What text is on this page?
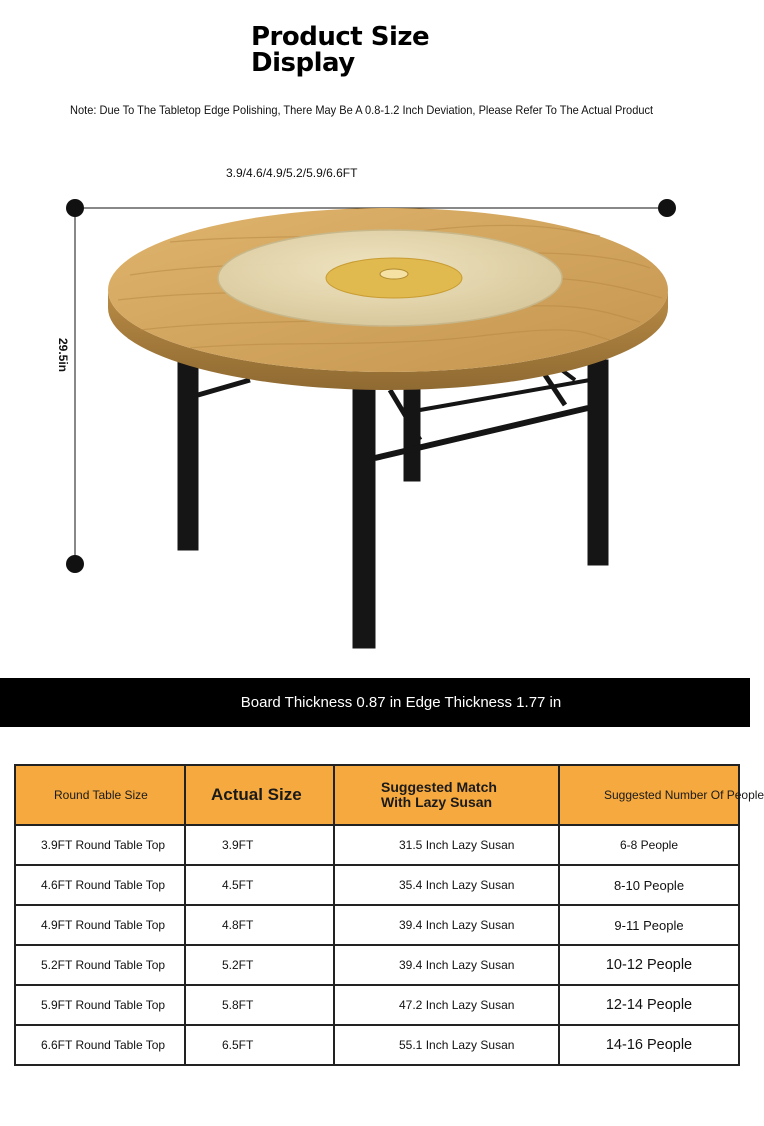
Product Size
Display
Note: Due To The Tabletop Edge Polishing, There May Be A 0.8-1.2 Inch Deviation, Please Refer To The Actual Product
3.9/4.6/4.9/5.2/5.9/6.6FT
29.5in
Board Thickness 0.87 in Edge Thickness 1.77 in
Round Table Size	Actual Size	Suggested Match With Lazy Susan	Suggested Number Of People
3.9FT Round Table Top	3.9FT	31.5 Inch Lazy Susan	6-8 People
4.6FT Round Table Top	4.5FT	35.4 Inch Lazy Susan	8-10 People
4.9FT Round Table Top	4.8FT	39.4 Inch Lazy Susan	9-11 People
5.2FT Round Table Top	5.2FT	39.4 Inch Lazy Susan	10-12 People
5.9FT Round Table Top	5.8FT	47.2 Inch Lazy Susan	12-14 People
6.6FT Round Table Top	6.5FT	55.1 Inch Lazy Susan	14-16 People
